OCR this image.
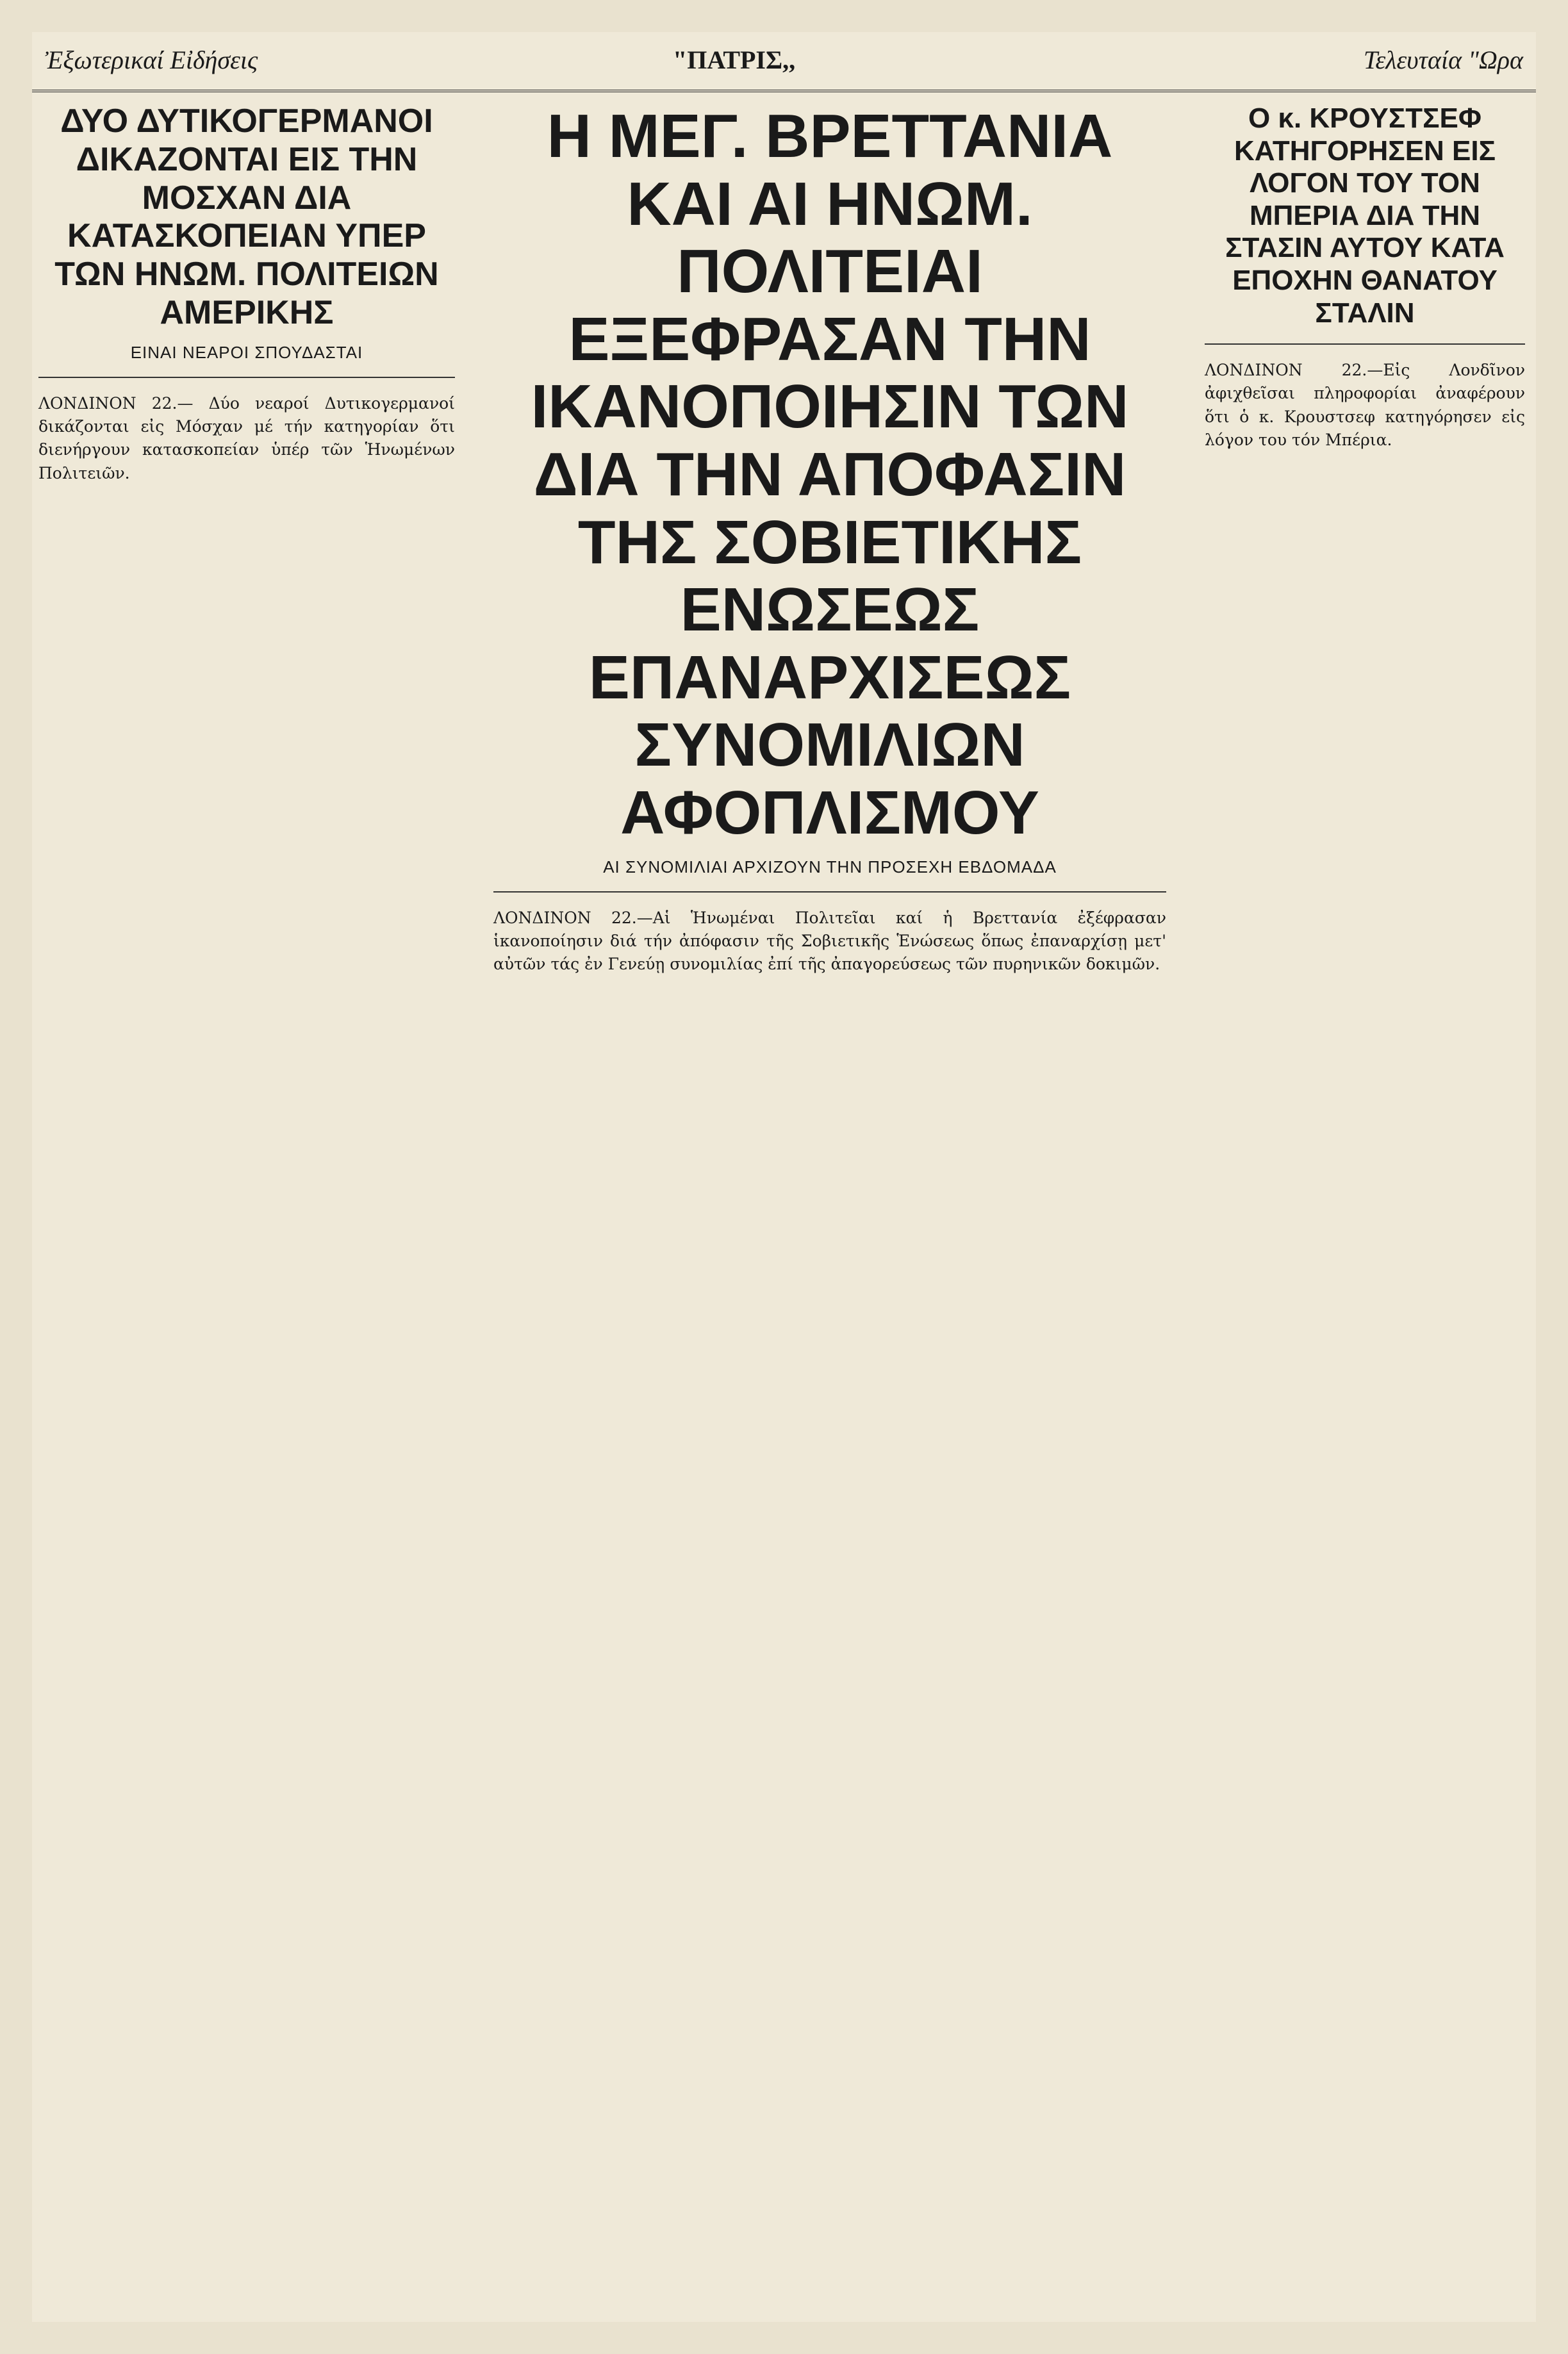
Ἐξωτερικαί Εἰδήσεις	"ΠΑΤΡΙΣ,,	Τελευταία "Ωρα
ΔΥΟ ΔΥΤΙΚΟΓΕΡΜΑΝΟΙ ΔΙΚΑΖΟΝΤΑΙ ΕΙΣ ΤΗΝ ΜΟΣΧΑΝ ΔΙΑ ΚΑΤΑΣΚΟΠΕΙΑΝ ΥΠΕΡ ΤΩΝ ΗΝΩΜ. ΠΟΛΙΤΕΙΩΝ ΑΜΕΡΙΚΗΣ
ΕΙΝΑΙ ΝΕΑΡΟΙ ΣΠΟΥΔΑΣΤΑΙ
ΛΟΝΔΙΝΟΝ 22.— Δύο νεαροί Δυτικογερμανοί δικάζονται εἰς Μόσχαν μέ τήν κατηγορίαν ὅτι διενήργουν κατασκοπείαν ὑπέρ τῶν Ἡνωμένων Πολιτειῶν.
Η ΜΕΓ. ΒΡΕΤΤΑΝΙΑ ΚΑΙ ΑΙ ΗΝΩΜ. ΠΟΛΙΤΕΙΑΙ ΕΞΕΦΡΑΣΑΝ ΤΗΝ ΙΚΑΝΟΠΟΙΗΣΙΝ ΤΩΝ ΔΙΑ ΤΗΝ ΑΠΟΦΑΣΙΝ ΤΗΣ ΣΟΒΙΕΤΙΚΗΣ ΕΝΩΣΕΩΣ ΕΠΑΝΑΡΧΙΣΕΩΣ ΣΥΝΟΜΙΛΙΩΝ ΑΦΟΠΛΙΣΜΟΥ
ΑΙ ΣΥΝΟΜΙΛΙΑΙ ΑΡΧΙΖΟΥΝ ΤΗΝ ΠΡΟΣΕΧΗ ΕΒΔΟΜΑΔΑ
ΛΟΝΔΙΝΟΝ 22.—Αἱ Ἡνωμέναι Πολιτεῖαι καί ἡ Βρεττανία ἐξέφρασαν ἱκανοποίησιν διά τήν ἀπόφασιν τῆς Σοβιετικῆς Ἑνώσεως ὅπως ἐπαναρχίσῃ μετ' αὐτῶν τάς ἐν Γενεύῃ συνομιλίας ἐπί τῆς ἀπαγορεύσεως τῶν πυρηνικῶν δοκιμῶν.
Ο κ. ΚΡΟΥΣΤΣΕΦ ΚΑΤΗΓΟΡΗΣΕΝ ΕΙΣ ΛΟΓΟΝ ΤΟΥ ΤΟΝ ΜΠΕΡΙΑ ΔΙΑ ΤΗΝ ΣΤΑΣΙΝ ΑΥΤΟΥ ΚΑΤΑ ΕΠΟΧΗΝ ΘΑΝΑΤΟΥ ΣΤΑΛΙΝ
ΛΟΝΔΙΝΟΝ 22.—Εἰς Λονδῖνον ἀφιχθεῖσαι πληροφορίαι ἀναφέρουν ὅτι ὁ κ. Κρουστσεφ κατηγόρησεν εἰς λόγον του τόν Μπέρια.
